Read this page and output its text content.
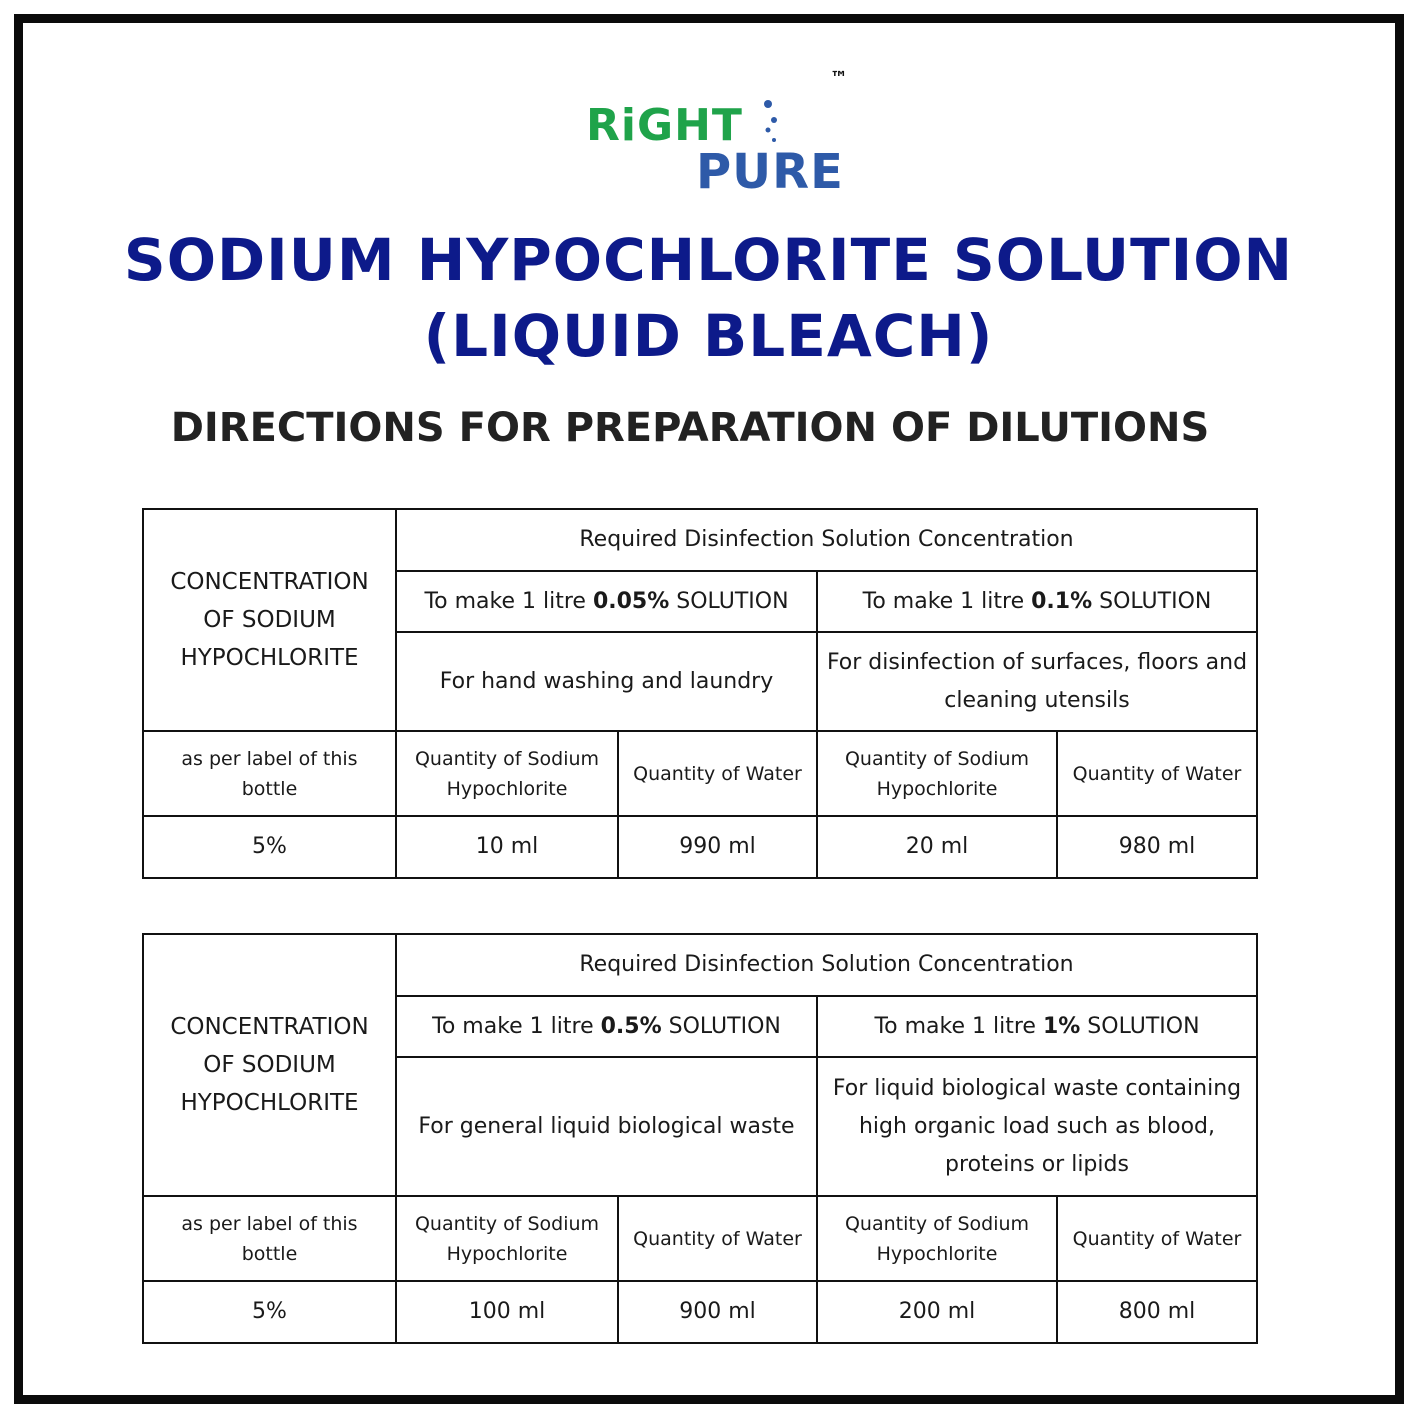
RiGHT
PURE
™
SODIUM HYPOCHLORITE SOLUTION
(LIQUID BLEACH)
DIRECTIONS FOR PREPARATION OF DILUTIONS
CONCENTRATION OF SODIUM HYPOCHLORITE	Required Disinfection Solution Concentration			
	To make 1 litre 0.05% SOLUTION		To make 1 litre 0.1% SOLUTION	
	For hand washing and laundry		For disinfection of surfaces, floors and cleaning utensils	
as per label of this bottle	Quantity of Sodium Hypochlorite	Quantity of Water	Quantity of Sodium Hypochlorite	Quantity of Water
5%	10 ml	990 ml	20 ml	980 ml
CONCENTRATION OF SODIUM HYPOCHLORITE	Required Disinfection Solution Concentration			
	To make 1 litre 0.5% SOLUTION		To make 1 litre 1% SOLUTION	
	For general liquid biological waste		For liquid biological waste containing high organic load such as blood, proteins or lipids	
as per label of this bottle	Quantity of Sodium Hypochlorite	Quantity of Water	Quantity of Sodium Hypochlorite	Quantity of Water
5%	100 ml	900 ml	200 ml	800 ml
